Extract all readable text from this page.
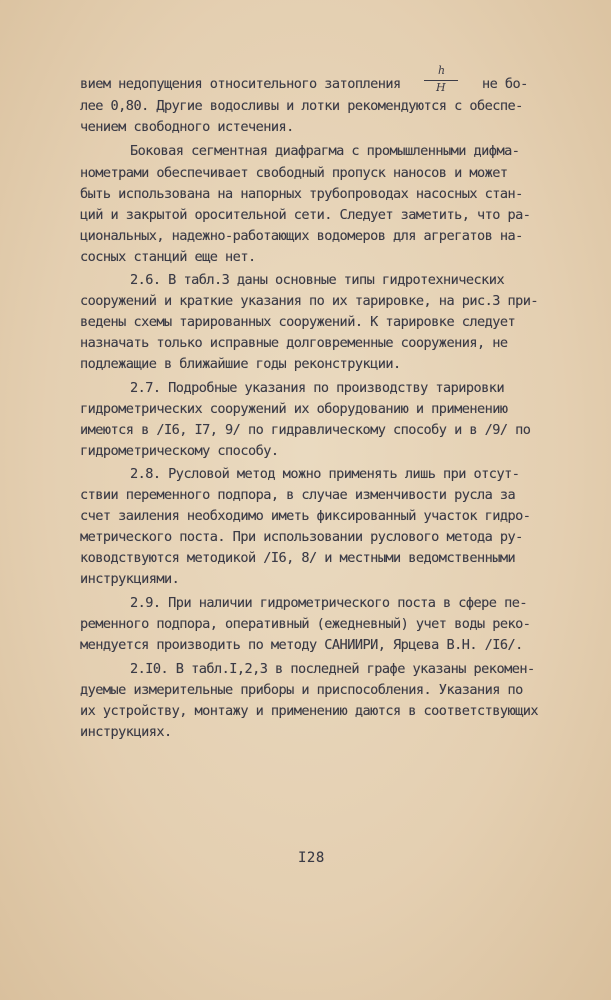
вием недопущения относительного затопления	не бо-
лее 0,80. Другие водосливы и лотки рекомендуются с обеспе-
чением свободного истечения.
Боковая сегментная диафрагма с промышленными дифма-
нометрами обеспечивает свободный пропуск наносов и может
быть использована на напорных трубопроводах насосных стан-
ций и закрытой оросительной сети. Следует заметить, что ра-
циональных, надежно-работающих водомеров для агрегатов на-
сосных станций еще нет.
2.6. В табл.3 даны основные типы гидротехнических
сооружений и краткие указания по их тарировке, на рис.3 при-
ведены схемы тарированных сооружений. К тарировке следует
назначать только исправные долговременные сооружения, не
подлежащие в ближайшие годы реконструкции.
2.7. Подробные указания по производству тарировки
гидрометрических сооружений их оборудованию и применению
имеются в /I6, I7, 9/ по гидравлическому способу и в /9/ по
гидрометрическому способу.
2.8. Русловой метод можно применять лишь при отсут-
ствии переменного подпора, в случае изменчивости русла за
счет заиления необходимо иметь фиксированный участок гидро-
метрического поста. При использовании руслового метода ру-
ководствуются методикой /I6, 8/ и местными ведомственными
инструкциями.
2.9. При наличии гидрометрического поста в сфере пе-
ременного подпора, оперативный (ежедневный) учет воды реко-
мендуется производить по методу САНИИРИ, Ярцева В.Н. /I6/.
2.I0. В табл.I,2,3 в последней графе указаны рекомен-
дуемые измерительные приборы и приспособления. Указания по
их устройству, монтажу и применению даются в соответствующих
инструкциях.
h
H
I28
